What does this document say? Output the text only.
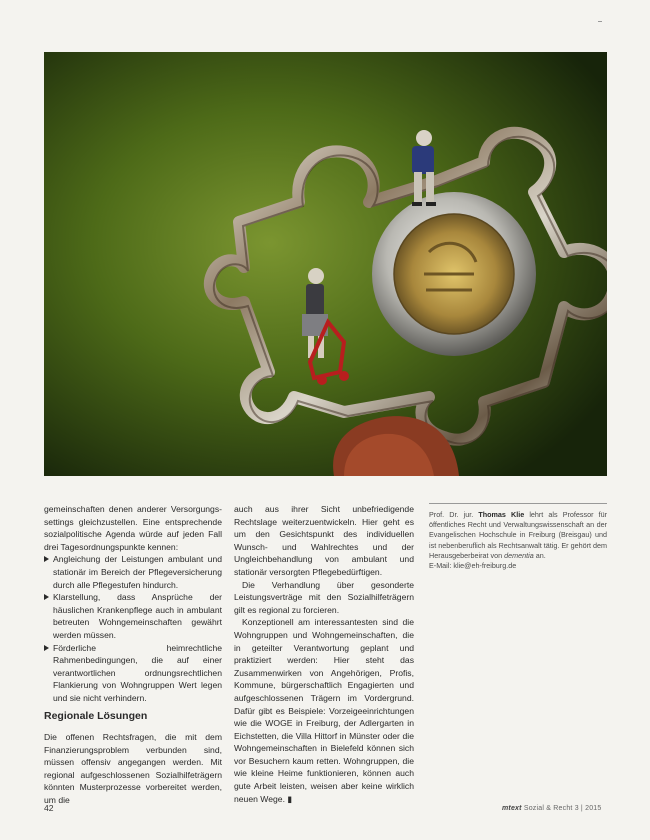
gemeinschaften denen anderer Versorgungssettings gleichzustellen. Eine entsprechende sozialpolitische Agenda würde auf jeden Fall drei Tagesordnungspunkte kennen:

Angleichung der Leistungen ambulant und stationär im Bereich der Pflegeversicherung durch alle Pflegestufen hindurch.
Klarstellung, dass Ansprüche der häuslichen Krankenpflege auch in ambulant betreuten Wohngemeinschaften gewährt werden müssen.
Förderliche heimrechtliche Rahmenbedingungen, die auf einer verantwortlichen ordnungsrechtlichen Flankierung von Wohngruppen Wert legen und sie nicht verhindern.
Regionale Lösungen

Die offenen Rechtsfragen, die mit dem Finanzierungsproblem verbunden sind, müssen offensiv angegangen werden. Mit regional aufgeschlossenen Sozialhilfeträgern könnten Musterprozesse vorbereitet werden, um die

auch aus ihrer Sicht unbefriedigende Rechtslage weiterzuentwickeln. Hier geht es um den Gesichtspunkt des individuellen Wunsch- und Wahlrechtes und der Ungleichbehandlung von ambulant und stationär versorgten Pflegebedürftigen.

Die Verhandlung über gesonderte Leistungsverträge mit den Sozialhilfeträgern gilt es regional zu forcieren.

Konzeptionell am interessantesten sind die Wohngruppen und Wohngemeinschaften, die in geteilter Verantwortung geplant und praktiziert werden: Hier steht das Zusammenwirken von Angehörigen, Profis, Kommune, bürgerschaftlich Engagierten und aufgeschlossenen Trägern im Vordergrund. Dafür gibt es Beispiele: Vorzeigeeinrichtungen wie die WOGE in Freiburg, der Adlergarten in Eichstetten, die Villa Hittorf in Münster oder die Wohngemeinschaften in Bielefeld können sich vor Besuchern kaum retten. Wohngruppen, die wie kleine Heime funktionieren, können auch gute Arbeit leisten, weisen aber keine wirklich neuen Wege. ▮

Prof. Dr. jur. Thomas Klie lehrt als Professor für öffentliches Recht und Verwaltungswissenschaft an der Evangelischen Hochschule in Freiburg (Breisgau) und ist nebenberuflich als Rechtsanwalt tätig. Er gehört dem Herausgeberbeirat von dementia an.

E-Mail: klie@eh-freiburg.de

42	mtext Sozial & Recht 3 | 2015
